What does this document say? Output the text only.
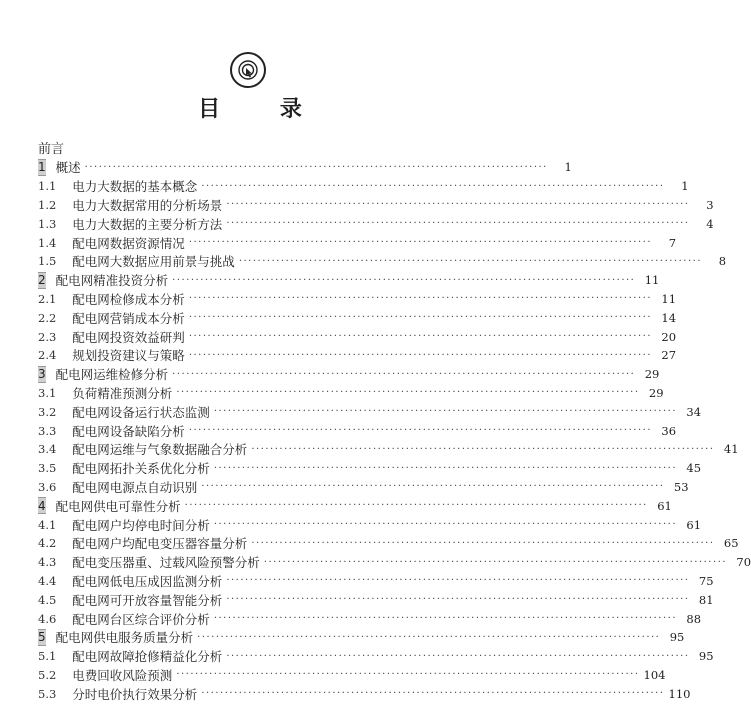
目 录
前言
1 概述 ···································································································	1
1.1	电力大数据的基本概念 ···································································································	1
1.2	电力大数据常用的分析场景 ···································································································	3
1.3	电力大数据的主要分析方法 ···································································································	4
1.4	配电网数据资源情况 ···································································································	7
1.5	配电网大数据应用前景与挑战 ···································································································	8
2 配电网精准投资分析 ··································································································· 11
2.1	配电网检修成本分析 ··································································································· 11
2.2	配电网营销成本分析 ··································································································· 14
2.3	配电网投资效益研判 ··································································································· 20
2.4	规划投资建议与策略 ··································································································· 27
3 配电网运维检修分析 ··································································································· 29
3.1	负荷精准预测分析 ··································································································· 29
3.2	配电网设备运行状态监测 ··································································································· 34
3.3	配电网设备缺陷分析 ··································································································· 36
3.4	配电网运维与气象数据融合分析 ··································································································· 41
3.5	配电网拓扑关系优化分析 ··································································································· 45
3.6	配电网电源点自动识别 ··································································································· 53
4 配电网供电可靠性分析 ··································································································· 61
4.1	配电网户均停电时间分析 ··································································································· 61
4.2	配电网户均配电变压器容量分析 ··································································································· 65
4.3	配电变压器重、过载风险预警分析 ··································································································· 70
4.4	配电网低电压成因监测分析 ··································································································· 75
4.5	配电网可开放容量智能分析 ··································································································· 81
4.6	配电网台区综合评价分析 ··································································································· 88
5 配电网供电服务质量分析 ··································································································· 95
5.1	配电网故障抢修精益化分析 ··································································································· 95
5.2	电费回收风险预测 ··································································································· 104
5.3	分时电价执行效果分析 ··································································································· 110
